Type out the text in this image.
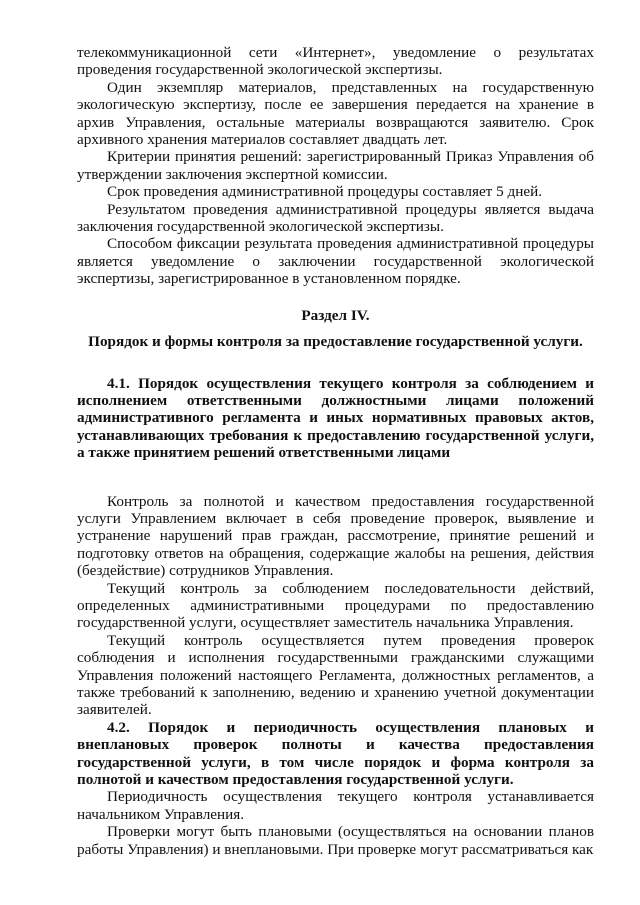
телекоммуникационной сети «Интернет», уведомление о результатах проведения государственной экологической экспертизы.

Один экземпляр материалов, представленных на государственную экологическую экспертизу, после ее завершения передается на хранение в архив Управления, остальные материалы возвращаются заявителю. Срок архивного хранения материалов составляет двадцать лет.

Критерии принятия решений: зарегистрированный Приказ Управления об утверждении заключения экспертной комиссии.

Срок проведения административной процедуры составляет 5 дней.

Результатом проведения административной процедуры является выдача заключения государственной экологической экспертизы.

Способом фиксации результата проведения административной процедуры является уведомление о заключении государственной экологической экспертизы, зарегистрированное в установленном порядке.

Раздел IV.

Порядок и формы контроля за предоставление государственной услуги.

4.1. Порядок осуществления текущего контроля за соблюдением и исполнением ответственными должностными лицами положений административного регламента и иных нормативных правовых актов, устанавливающих требования к предоставлению государственной услуги, а также принятием решений ответственными лицами

Контроль за полнотой и качеством предоставления государственной услуги Управлением включает в себя проведение проверок, выявление и устранение нарушений прав граждан, рассмотрение, принятие решений и подготовку ответов на обращения, содержащие жалобы на решения, действия (бездействие) сотрудников Управления.

Текущий контроль за соблюдением последовательности действий, определенных административными процедурами по предоставлению государственной услуги, осуществляет заместитель начальника Управления.

Текущий контроль осуществляется путем проведения проверок соблюдения и исполнения государственными гражданскими служащими Управления положений настоящего Регламента, должностных регламентов, а также требований к заполнению, ведению и хранению учетной документации заявителей.

4.2. Порядок и периодичность осуществления плановых и внеплановых проверок полноты и качества предоставления государственной услуги, в том числе порядок и форма контроля за полнотой и качеством предоставления государственной услуги.

Периодичность осуществления текущего контроля устанавливается начальником Управления.

Проверки могут быть плановыми (осуществляться на основании планов работы Управления) и внеплановыми. При проверке могут рассматриваться как
